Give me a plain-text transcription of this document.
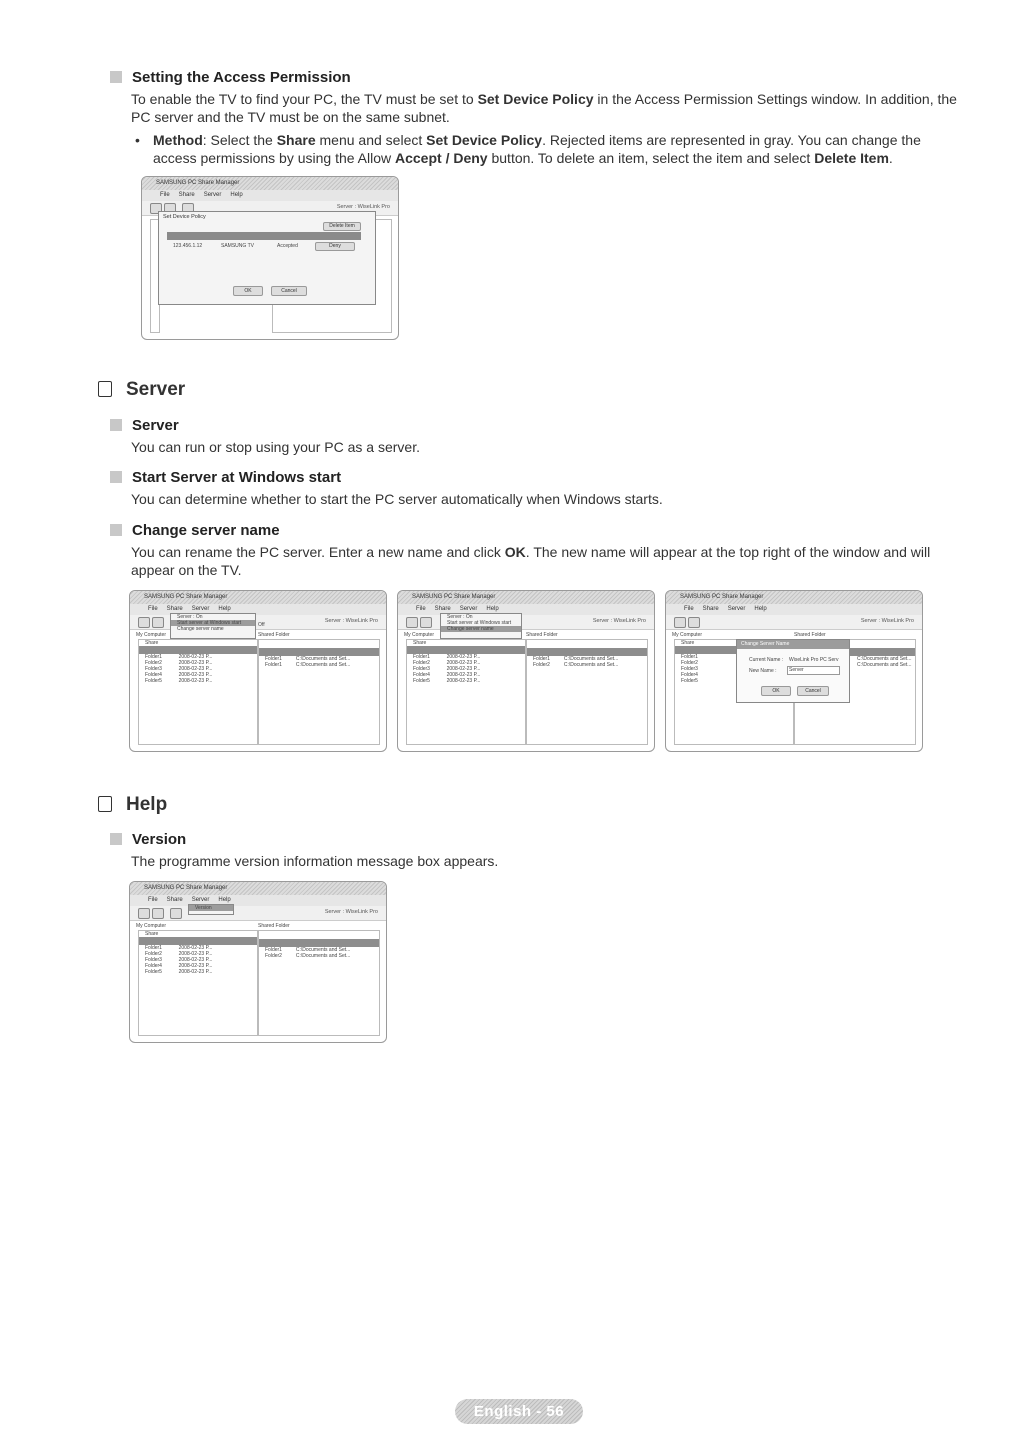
Setting the Access Permission
To enable the TV to find your PC, the TV must be set to Set Device Policy in the Access Permission Settings window. In addition, the PC server and the TV must be on the same subnet.
• Method: Select the Share menu and select Set Device Policy. Rejected items are represented in gray. You can change the access permissions by using the Allow Accept / Deny button. To delete an item, select the item and select Delete Item.
SAMSUNG PC Share Manager
File Share Server Help
Server : WiseLink Pro
Set Device Policy
Delete Item
123.456.1.12	SAMSUNG TV	Accepted	Deny
OK	Cancel
Server
Server
You can run or stop using your PC as a server.
Start Server at Windows start
You can determine whether to start the PC server automatically when Windows starts.
Change server name
You can rename the PC server. Enter a new name and click OK. The new name will appear at the top right of the window and will appear on the TV.
SAMSUNG PC Share Manager
File Share Server Help
Server : WiseLink Pro
My Computer	Shared Folder
Share
Folder1	2008-02-23 P...
Folder2	2008-02-23 P...
Folder3	2008-02-23 P...
Folder4	2008-02-23 P...
Folder5	2008-02-23 P...
Folder1	C:\Documents and Set...
Folder1	C:\Documents and Set...
Server : On
Start server at Windows start
Change server name
Off
SAMSUNG PC Share Manager
File Share Server Help
Server : WiseLink Pro
My Computer	Shared Folder
Share
Folder1	2008-02-23 P...
Folder2	2008-02-23 P...
Folder3	2008-02-23 P...
Folder4	2008-02-23 P...
Folder5	2008-02-23 P...
Folder1	C:\Documents and Set...
Folder2	C:\Documents and Set...
Server : On
Start server at Windows start
Change server name
SAMSUNG PC Share Manager
File Share Server Help
Server : WiseLink Pro
My Computer	Shared Folder
Share
Folder1
Folder2
Folder3
Folder4
Folder5
C:\Documents and Set...
C:\Documents and Set...
Change Server Name
Current Name : WiseLink Pro PC Serv
New Name :	Server
OK	Cancel
Help
Version
The programme version information message box appears.
SAMSUNG PC Share Manager
File Share Server Help
Version
Server : WiseLink Pro
My Computer	Shared Folder
Share
Folder1	2008-02-23 P...
Folder2	2008-02-23 P...
Folder3	2008-02-23 P...
Folder4	2008-02-23 P...
Folder5	2008-02-23 P...
Folder1	C:\Documents and Set...
Folder2	C:\Documents and Set...
English - 56
